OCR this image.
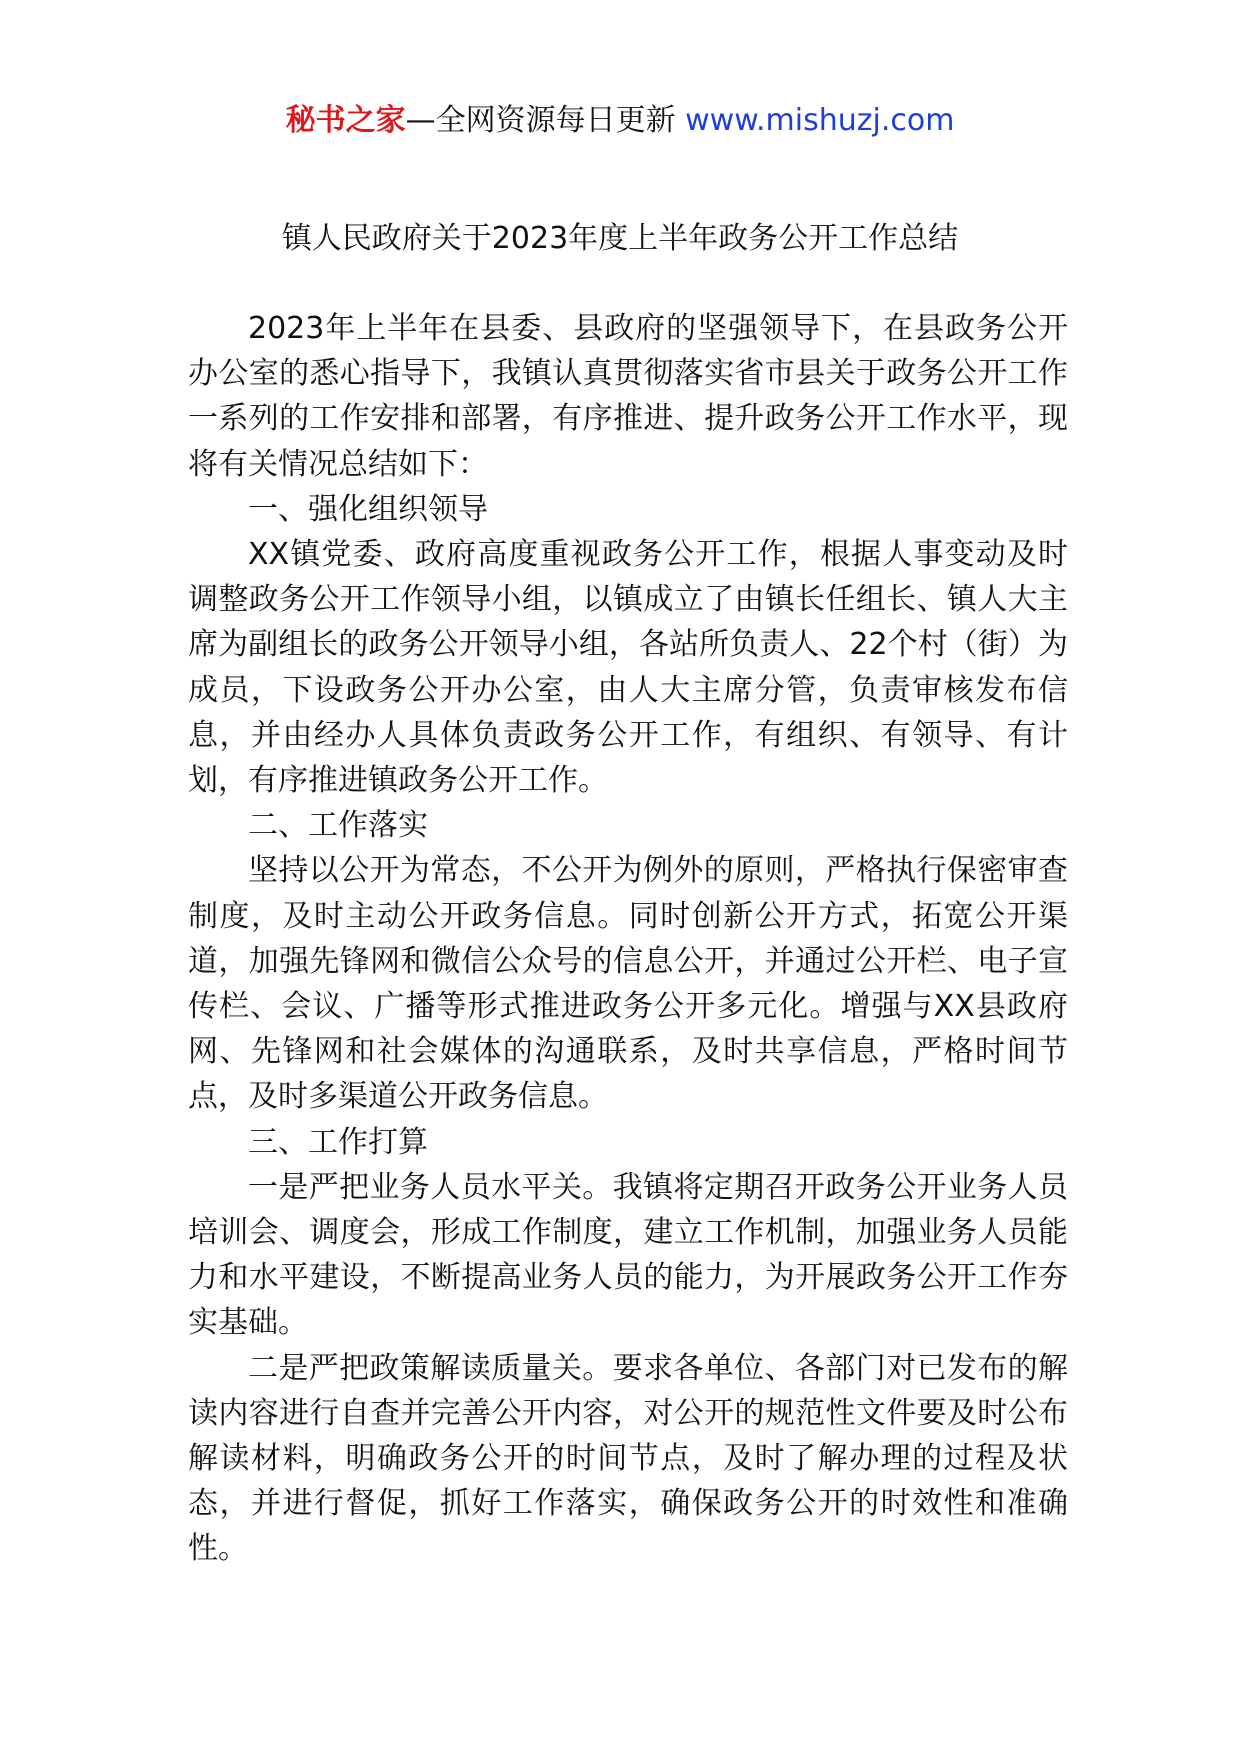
秘书之家—全网资源每日更新 www.mishuzj.com
镇人民政府关于2023年度上半年政务公开工作总结

2023年上半年在县委、县政府的坚强领导下，在县政务公开办公室的悉心指导下，我镇认真贯彻落实省市县关于政务公开工作一系列的工作安排和部署，有序推进、提升政务公开工作水平，现将有关情况总结如下：

一、强化组织领导

XX镇党委、政府高度重视政务公开工作，根据人事变动及时调整政务公开工作领导小组，以镇成立了由镇长任组长、镇人大主席为副组长的政务公开领导小组，各站所负责人、22个村（街）为成员，下设政务公开办公室，由人大主席分管，负责审核发布信息，并由经办人具体负责政务公开工作，有组织、有领导、有计划，有序推进镇政务公开工作。

二、工作落实

坚持以公开为常态，不公开为例外的原则，严格执行保密审查制度，及时主动公开政务信息。同时创新公开方式，拓宽公开渠道，加强先锋网和微信公众号的信息公开，并通过公开栏、电子宣传栏、会议、广播等形式推进政务公开多元化。增强与XX县政府网、先锋网和社会媒体的沟通联系，及时共享信息，严格时间节点，及时多渠道公开政务信息。

三、工作打算

一是严把业务人员水平关。我镇将定期召开政务公开业务人员培训会、调度会，形成工作制度，建立工作机制，加强业务人员能力和水平建设，不断提高业务人员的能力，为开展政务公开工作夯实基础。

二是严把政策解读质量关。要求各单位、各部门对已发布的解读内容进行自查并完善公开内容，对公开的规范性文件要及时公布解读材料，明确政务公开的时间节点，及时了解办理的过程及状态，并进行督促，抓好工作落实，确保政务公开的时效性和准确性。
